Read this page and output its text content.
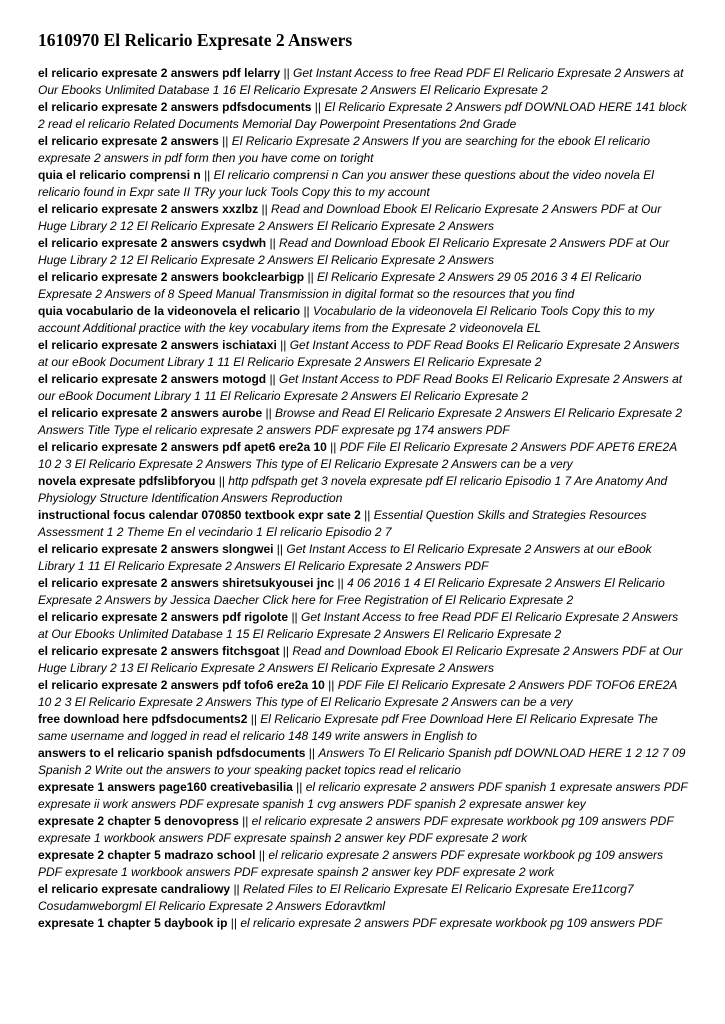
1610970 El Relicario Expresate 2 Answers

el relicario expresate 2 answers pdf lelarry || Get Instant Access to free Read PDF El Relicario Expresate 2 Answers at Our Ebooks Unlimited Database 1 16 El Relicario Expresate 2 Answers El Relicario Expresate 2

el relicario expresate 2 answers pdfsdocuments || El Relicario Expresate 2 Answers pdf DOWNLOAD HERE 141 block 2 read el relicario Related Documents Memorial Day Powerpoint Presentations 2nd Grade

el relicario expresate 2 answers || El Relicario Expresate 2 Answers If you are searching for the ebook El relicario expresate 2 answers in pdf form then you have come on toright

quia el relicario comprensi n || El relicario comprensi n Can you answer these questions about the video novela El relicario found in Expr sate II TRy your luck Tools Copy this to my account

el relicario expresate 2 answers xxzlbz || Read and Download Ebook El Relicario Expresate 2 Answers PDF at Our Huge Library 2 12 El Relicario Expresate 2 Answers El Relicario Expresate 2 Answers

el relicario expresate 2 answers csydwh || Read and Download Ebook El Relicario Expresate 2 Answers PDF at Our Huge Library 2 12 El Relicario Expresate 2 Answers El Relicario Expresate 2 Answers

el relicario expresate 2 answers bookclearbigp || El Relicario Expresate 2 Answers 29 05 2016 3 4 El Relicario Expresate 2 Answers of 8 Speed Manual Transmission in digital format so the resources that you find

quia vocabulario de la videonovela el relicario || Vocabulario de la videonovela El Relicario Tools Copy this to my account Additional practice with the key vocabulary items from the Expresate 2 videonovela EL

el relicario expresate 2 answers ischiataxi || Get Instant Access to PDF Read Books El Relicario Expresate 2 Answers at our eBook Document Library 1 11 El Relicario Expresate 2 Answers El Relicario Expresate 2

el relicario expresate 2 answers motogd || Get Instant Access to PDF Read Books El Relicario Expresate 2 Answers at our eBook Document Library 1 11 El Relicario Expresate 2 Answers El Relicario Expresate 2

el relicario expresate 2 answers aurobe || Browse and Read El Relicario Expresate 2 Answers El Relicario Expresate 2 Answers Title Type el relicario expresate 2 answers PDF expresate pg 174 answers PDF

el relicario expresate 2 answers pdf apet6 ere2a 10 || PDF File El Relicario Expresate 2 Answers PDF APET6 ERE2A 10 2 3 El Relicario Expresate 2 Answers This type of El Relicario Expresate 2 Answers can be a very

novela expresate pdfslibforyou || http pdfspath get 3 novela expresate pdf El relicario Episodio 1 7 Are Anatomy And Physiology Structure Identification Answers Reproduction

instructional focus calendar 070850 textbook expr sate 2 || Essential Question Skills and Strategies Resources Assessment 1 2 Theme En el vecindario 1 El relicario Episodio 2 7

el relicario expresate 2 answers slongwei || Get Instant Access to El Relicario Expresate 2 Answers at our eBook Library 1 11 El Relicario Expresate 2 Answers El Relicario Expresate 2 Answers PDF

el relicario expresate 2 answers shiretsukyousei jnc || 4 06 2016 1 4 El Relicario Expresate 2 Answers El Relicario Expresate 2 Answers by Jessica Daecher Click here for Free Registration of El Relicario Expresate 2

el relicario expresate 2 answers pdf rigolote || Get Instant Access to free Read PDF El Relicario Expresate 2 Answers at Our Ebooks Unlimited Database 1 15 El Relicario Expresate 2 Answers El Relicario Expresate 2

el relicario expresate 2 answers fitchsgoat || Read and Download Ebook El Relicario Expresate 2 Answers PDF at Our Huge Library 2 13 El Relicario Expresate 2 Answers El Relicario Expresate 2 Answers

el relicario expresate 2 answers pdf tofo6 ere2a 10 || PDF File El Relicario Expresate 2 Answers PDF TOFO6 ERE2A 10 2 3 El Relicario Expresate 2 Answers This type of El Relicario Expresate 2 Answers can be a very

free download here pdfsdocuments2 || El Relicario Expresate pdf Free Download Here El Relicario Expresate The same username and logged in read el relicario 148 149 write answers in English to

answers to el relicario spanish pdfsdocuments || Answers To El Relicario Spanish pdf DOWNLOAD HERE 1 2 12 7 09 Spanish 2 Write out the answers to your speaking packet topics read el relicario

expresate 1 answers page160 creativebasilia || el relicario expresate 2 answers PDF spanish 1 expresate answers PDF expresate ii work answers PDF expresate spanish 1 cvg answers PDF spanish 2 expresate answer key

expresate 2 chapter 5 denovopress || el relicario expresate 2 answers PDF expresate workbook pg 109 answers PDF expresate 1 workbook answers PDF expresate spainsh 2 answer key PDF expresate 2 work

expresate 2 chapter 5 madrazo school || el relicario expresate 2 answers PDF expresate workbook pg 109 answers PDF expresate 1 workbook answers PDF expresate spainsh 2 answer key PDF expresate 2 work

el relicario expresate candraliowy || Related Files to El Relicario Expresate El Relicario Expresate Ere11corg7 Cosudamweborgml El Relicario Expresate 2 Answers Edoravtkml

expresate 1 chapter 5 daybook ip || el relicario expresate 2 answers PDF expresate workbook pg 109 answers PDF
